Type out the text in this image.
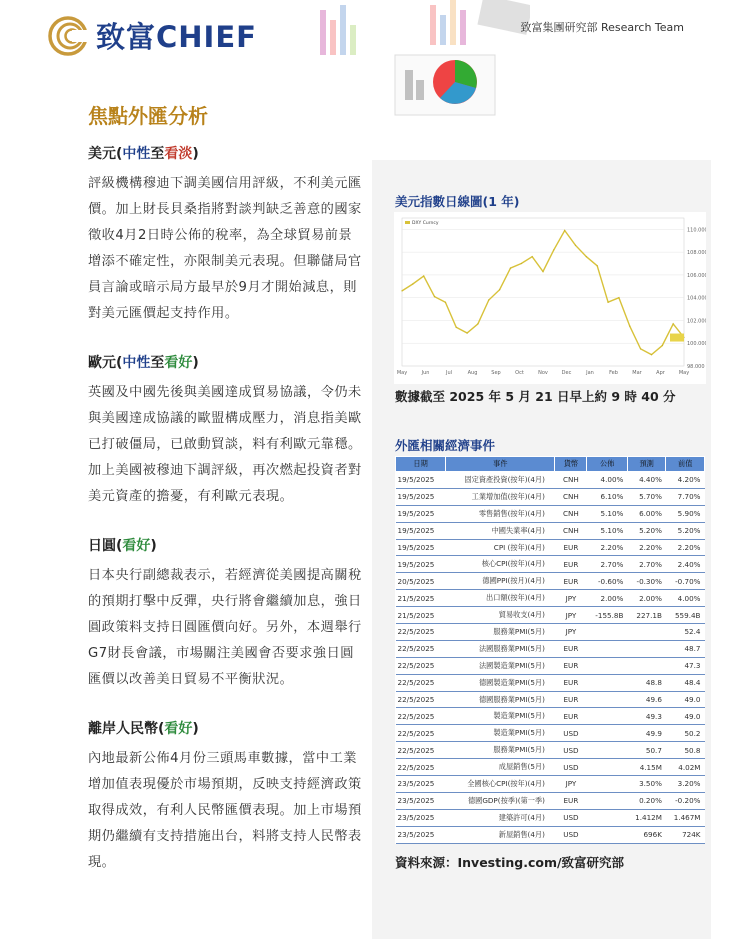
致富CHIEF	致富集團研究部 Research Team
焦點外匯分析
美元(中性至看淡)

評級機構穆迪下調美國信用評級，不利美元匯價。加上財長貝桑指將對談判缺乏善意的國家徵收4月2日時公佈的稅率，為全球貿易前景增添不確定性，亦限制美元表現。但聯儲局官員言論或暗示局方最早於9月才開始減息，則對美元匯價起支持作用。

歐元(中性至看好)

英國及中國先後與美國達成貿易協議，令仍未與美國達成協議的歐盟構成壓力，消息指美歐已打破僵局，已啟動貿談，料有利歐元靠穩。加上美國被穆迪下調評級，再次燃起投資者對美元資產的擔憂，有利歐元表現。

日圓(看好)

日本央行副總裁表示，若經濟從美國提高關稅的預期打擊中反彈，央行將會繼續加息，強日圓政策料支持日圓匯價向好。另外，本週舉行G7財長會議，市場關注美國會否要求強日圓匯價以改善美日貿易不平衡狀況。

離岸人民幣(看好)

內地最新公佈4月份三頭馬車數據，當中工業增加值表現優於市場預期，反映支持經濟政策取得成效，有利人民幣匯價表現。加上市場預期仍繼續有支持措施出台，料將支持人民幣表現。

美元指數日線圖(1 年)
98.000
100.000
102.000
104.000
106.000
108.000
110.000
May	Jun	Jul	Aug	Sep	Oct	Nov	Dec	Jan	Feb	Mar	Apr	May
DXY Curncy
數據截至 2025 年 5 月 21 日早上約 9 時 40 分
外匯相關經濟事件
日期	事件	貨幣	公佈	預測	前值
19/5/2025	固定資產投資(按年)(4月)	CNH	4.00%	4.40%	4.20%
19/5/2025	工業增加值(按年)(4月)	CNH	6.10%	5.70%	7.70%
19/5/2025	零售銷售(按年)(4月)	CNH	5.10%	6.00%	5.90%
19/5/2025	中國失業率(4月)	CNH	5.10%	5.20%	5.20%
19/5/2025	CPI (按年)(4月)	EUR	2.20%	2.20%	2.20%
19/5/2025	核心CPI(按年)(4月)	EUR	2.70%	2.70%	2.40%
20/5/2025	德國PPI(按月)(4月)	EUR	-0.60%	-0.30%	-0.70%
21/5/2025	出口額(按年)(4月)	JPY	2.00%	2.00%	4.00%
21/5/2025	貿易收支(4月)	JPY	-155.8B	227.1B	559.4B
22/5/2025	服務業PMI(5月)	JPY			52.4
22/5/2025	法國服務業PMI(5月)	EUR			48.7
22/5/2025	法國製造業PMI(5月)	EUR			47.3
22/5/2025	德國製造業PMI(5月)	EUR		48.8	48.4
22/5/2025	德國服務業PMI(5月)	EUR		49.6	49.0
22/5/2025	製造業PMI(5月)	EUR		49.3	49.0
22/5/2025	製造業PMI(5月)	USD		49.9	50.2
22/5/2025	服務業PMI(5月)	USD		50.7	50.8
22/5/2025	成屋銷售(5月)	USD		4.15M	4.02M
23/5/2025	全國核心CPI(按年)(4月)	JPY		3.50%	3.20%
23/5/2025	德國GDP(按季)(第一季)	EUR		0.20%	-0.20%
23/5/2025	建築許可(4月)	USD		1.412M	1.467M
23/5/2025	新屋銷售(4月)	USD		696K	724K
資料來源：Investing.com/致富研究部
